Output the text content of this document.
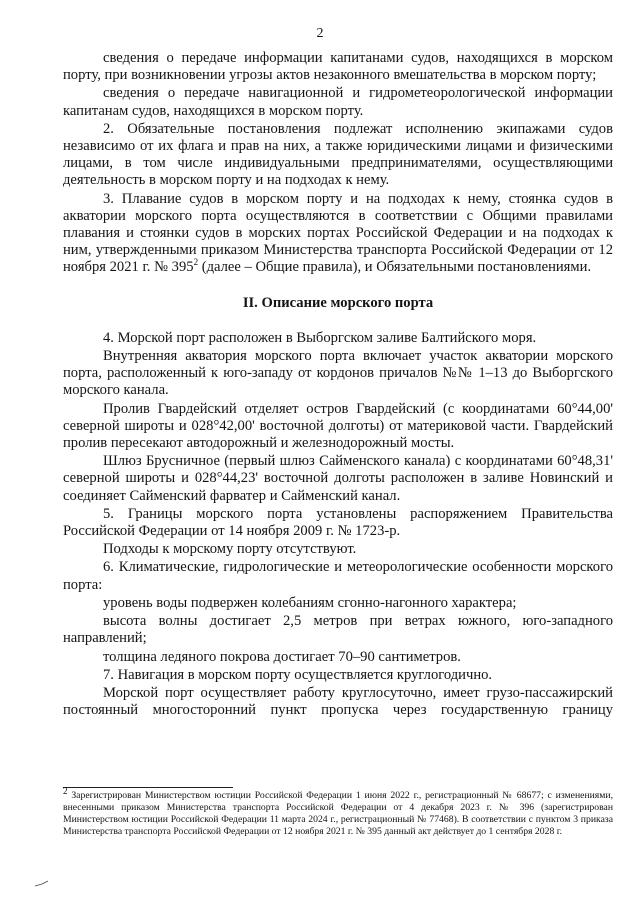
2

сведения о передаче информации капитанами судов, находящихся в морском порту, при возникновении угрозы актов незаконного вмешательства в морском порту;

сведения о передаче навигационной и гидрометеорологической информации капитанам судов, находящихся в морском порту.

2. Обязательные постановления подлежат исполнению экипажами судов независимо от их флага и прав на них, а также юридическими лицами и физическими лицами, в том числе индивидуальными предпринимателями, осуществляющими деятельность в морском порту и на подходах к нему.

3. Плавание судов в морском порту и на подходах к нему, стоянка судов в акватории морского порта осуществляются в соответствии с Общими правилами плавания и стоянки судов в морских портах Российской Федерации и на подходах к ним, утвержденными приказом Министерства транспорта Российской Федерации от 12 ноября 2021 г. № $395^2$ (далее – Общие правила), и Обязательными постановлениями.

II. Описание морского порта

4. Морской порт расположен в Выборгском заливе Балтийского моря.

Внутренняя акватория морского порта включает участок акватории морского порта, расположенный к юго-западу от кордонов причалов №№ 1–13 до Выборгского морского канала.

Пролив Гвардейский отделяет остров Гвардейский (с координатами 60°44,00' северной широты и 028°42,00' восточной долготы) от материковой части. Гвардейский пролив пересекают автодорожный и железнодорожный мосты.

Шлюз Брусничное (первый шлюз Сайменского канала) с координатами 60°48,31' северной широты и 028°44,23' восточной долготы расположен в заливе Новинский и соединяет Сайменский фарватер и Сайменский канал.

5. Границы морского порта установлены распоряжением Правительства Российской Федерации от 14 ноября 2009 г. № 1723-р.

Подходы к морскому порту отсутствуют.

6. Климатические, гидрологические и метеорологические особенности морского порта:

уровень воды подвержен колебаниям сгонно-нагонного характера;

высота волны достигает 2,5 метров при ветрах южного, юго-западного направлений;

толщина ледяного покрова достигает 70–90 сантиметров.

7. Навигация в морском порту осуществляется круглогодично.

Морской порт осуществляет работу круглосуточно, имеет грузо-пассажирский постоянный многосторонний пункт пропуска через государственную границу

$^2$ Зарегистрирован Министерством юстиции Российской Федерации 1 июня 2022 г., регистрационный № 68677; с изменениями, внесенными приказом Министерства транспорта Российской Федерации от 4 декабря 2023 г. № 396 (зарегистрирован Министерством юстиции Российской Федерации 11 марта 2024 г., регистрационный № 77468). В соответствии с пунктом 3 приказа Министерства транспорта Российской Федерации от 12 ноября 2021 г. № 395 данный акт действует до 1 сентября 2028 г.
